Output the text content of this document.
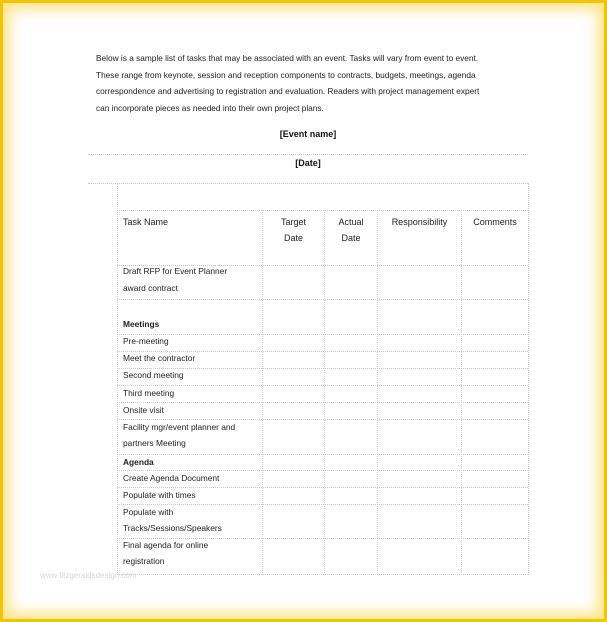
Below is a sample list of tasks that may be associated with an event. Tasks will vary from event to event.
These range from keynote, session and reception components to contracts, budgets, meetings, agenda
correspondence and advertising to registration and evaluation. Readers with project management expert
can incorporate pieces as needed into their own project plans.
[Event name]
[Date]
Task Name	Target
Date
Actual
Date
Responsibility	Comments
Draft RFP for Event Planner
award contract
Meetings
Pre-meeting
Meet the contractor
Second meeting
Third meeting
Onsite visit
Facility mgr/event planner and
partners Meeting
Agenda
Create Agenda Document
Populate with times
Populate with
Tracks/Sessions/Speakers
Final agenda for online
registration
www.fitzgeraldsdesign.com
